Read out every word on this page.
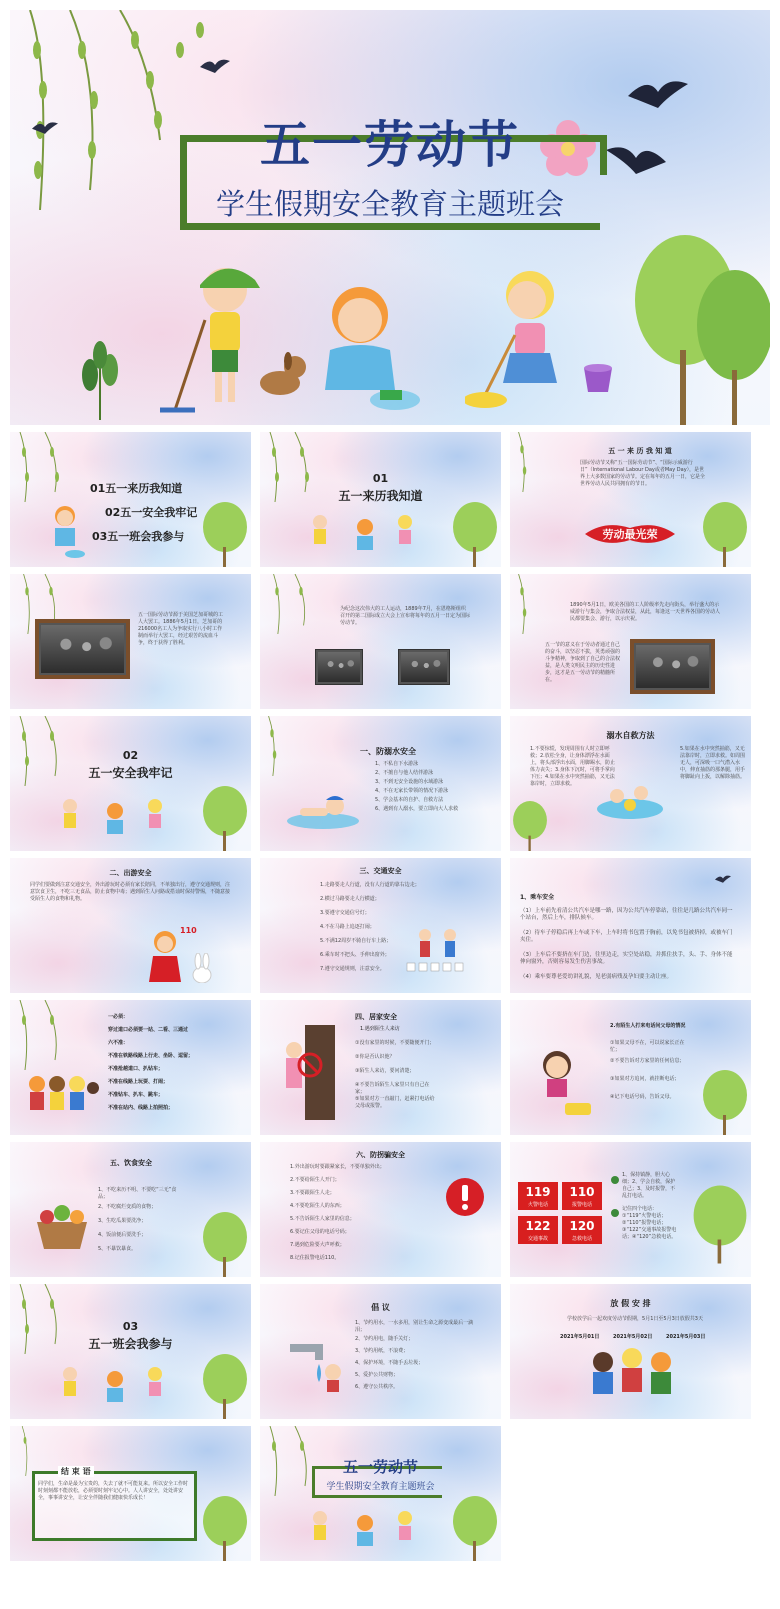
五一劳动节
学生假期安全教育主题班会
01五一来历我知道
02五一安全我牢记
03五一班会我参与
01
五一来历我知道
五 一 来 历 我 知 道
国际劳动节又称“五一国际劳动节”、“国际示威游行日”（International Labour Day或者May Day），是世界上大多数国家的劳动节。定在每年的五月一日，它是全世界劳动人民共同拥有的节日。
劳动最光荣
五一国际劳动节源于美国芝加哥城的工人大罢工。1886年5月1日，芝加哥的216000名工人为争取实行八小时工作制而举行大罢工，经过艰苦的流血斗争，终于获得了胜利。
为纪念这次伟大的工人运动，1889年7月，在恩格斯组织召开的第二国际成立大会上宣布将每年的五月一日定为国际劳动节。
1890年5月1日，欧美各国的工人阶级率先走向街头，举行盛大的示威游行与集会，争取合法权益，从此，每逢这一天世界各国的劳动人民都要集会、游行，以示庆祝。
五一节的意义在于劳动者通过自己的奋斗，以坚忍不拔，英勇顽强的斗争精神，争取到了自己的合法权益，是人类文明民主的历史性进步，这才是五一劳动节的精髓所在。
02
五一安全我牢记
一、防溺水安全
1、不私自下水游泳
2、不擅自与他人结伴游泳
3、不到无安全设施的水域游泳
4、不在无家长带领的情况下游泳
5、学会基本的自护、自救方法
6、遇到有人溺水，要立即向大人求救
溺水自救方法
1.不要惊慌，发现周围有人时立即呼救；2.放松全身，让身体漂浮在水面上，将头部浮出水面，用脚踢水，防止体力丧失；3.身体下沉时，可将手掌向下压；4.如果在水中突然抽筋，又无法靠岸时，立即求救。
5.如果在水中突然抽筋，又无法靠岸时，立即求救。如周围无人，可深吸一口气潜入水中，伸直抽筋的那条腿，用手将脚趾向上扳，以解除抽筋。
二、出游安全
同学们要做到注意交通安全，外出游玩时必须有家长陪同，不单独出行，遵守交通规则，注意饮食卫生，不吃三无食品，防止食物中毒；遇到陌生人问路或搭讪时保持警惕，不随意接受陌生人的食物和礼物。
110
三、交通安全
1.走路要走人行道，没有人行道的靠右边走；
2.横过马路要走人行横道；
3.要遵守交通信号灯；
4.不在马路上追逐打闹；
5.不满12周岁不骑自行车上路；
6.乘车时不把头、手伸出窗外；
7.遵守交通规则，注意安全。
1、乘车安全
（1）上车前先看清公共汽车是哪一路，因为公共汽车停靠站，往往是几路公共汽车同一个站台，然后上车，排队候车。
（2）待车子停稳后再上车或下车，上车时将书包置于胸前，以免书包被挤掉，或被车门夹住。
（3）上车后不要挤在车门边，往里边走，实空处站稳，并抓住扶手，头、手、身体不能伸向窗外，否则容易发生伤害事故。
（4）乘车要尊老爱幼讲礼貌，见老弱病残及孕妇要主动让座。
一必须：
穿过道口必须要一站、二看、三通过
六不准：
不准在铁路线路上行走、坐卧、逗留；
不准抢越道口、扒钻车；
不准在线路上玩耍、打闹；
不准钻车、扒车、跳车；
不准在站内、线路上拍照拍；
四、居家安全
1.遇到陌生人来访
①没有家里的时候，不要随便开门；
②你是否认识他？
③陌生人来访，要问清楚；
④不要告诉陌生人家里只有自己在家；
⑤如果对方一直敲门，赶紧打电话给父母或报警。
2.有陌生人打来电话问父母的情况
①如果父母不在，可以说家长正在忙；
②不要告诉对方家里的任何信息；
③如果对方追问，就挂断电话；
④记下电话号码，告诉父母。
五、饮食安全
1、不吃来历不明、不要吃“三无”食品；
2、不吃腐烂变质的食物；
3、生吃瓜果要洗净；
4、饭前便后要洗手；
5、不暴饮暴食。
六、防拐骗安全
1.外出游玩时要跟紧家长，不要单独外出；
2.不要给陌生人开门；
3.不要跟陌生人走；
4.不要吃陌生人的东西；
5.不告诉陌生人家里的信息；
6.要记住父母的电话号码；
7.遇到危险要大声呼救；
8.记住报警电话110。
119
火警电话
110
报警电话
122
交通事故
120
急救电话
1、保持镇静，胆大心细；2、学会自救，保护自己；3、及时报警，不乱打电话。
记住四个电话：①“119”火警电话；②“110”报警电话；③“122”交通事故报警电话；④“120”急救电话。
03
五一班会我参与
倡 议
1、节约用水，一水多用，别让生命之源变成最后一滴泪；
2、节约用电，随手关灯；
3、节约用纸，不浪费；
4、保护环境，不随手丢垃圾；
5、爱护公共财物；
6、遵守公共秩序。
放 假 安 排
学校放学后一起欢度劳动节假期，5月1日至5月3日放假共3天
2021年5月01日	2021年5月02日	2021年5月03日
结 束 语
同学们，生命是最为宝贵的，失去了就不可能复来。所以安全工作时时刻刻都不能放松，必须要时刻牢记心中。人人讲安全，处处讲安全，事事讲安全，让安全伴随我们健康快乐成长！
五一劳动节
学生假期安全教育主题班会
